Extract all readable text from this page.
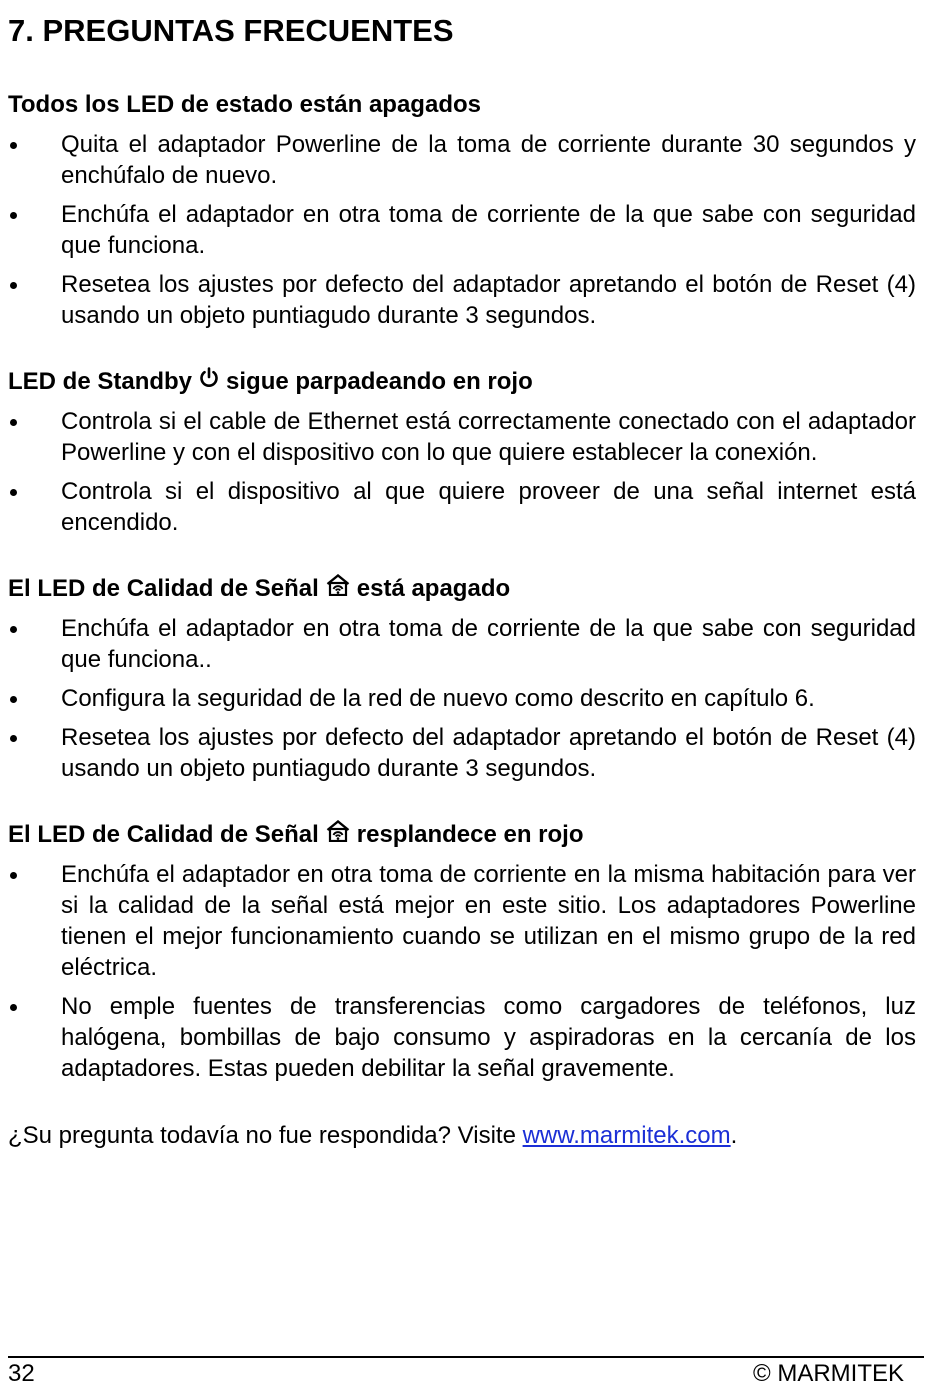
7. PREGUNTAS FRECUENTES
Todos los LED de estado están apagados
Quita el adaptador Powerline de la toma de corriente durante 30 segundos y enchúfalo de nuevo.
Enchúfa el adaptador en otra toma de corriente de la que sabe con seguridad que funciona.
Resetea los ajustes por defecto del adaptador apretando el botón de Reset (4) usando un objeto puntiagudo durante 3 segundos.
LED de Standby sigue parpadeando en rojo
Controla si el cable de Ethernet está correctamente conectado con el adaptador Powerline y con el dispositivo con lo que quiere establecer la conexión.
Controla si el dispositivo al que quiere proveer de una señal internet está encendido.
El LED de Calidad de Señal está apagado
Enchúfa el adaptador en otra toma de corriente de la que sabe con seguridad que funciona..
Configura la seguridad de la red de nuevo como descrito en capítulo 6.
Resetea los ajustes por defecto del adaptador apretando el botón de Reset (4) usando un objeto puntiagudo durante 3 segundos.
El LED de Calidad de Señal resplandece en rojo
Enchúfa el adaptador en otra toma de corriente en la misma habitación para ver si la calidad de la señal está mejor en este sitio. Los adaptadores Powerline tienen el mejor funcionamiento cuando se utilizan en el mismo grupo de la red eléctrica.
No emple fuentes de transferencias como cargadores de teléfonos, luz halógena, bombillas de bajo consumo y aspiradoras en la cercanía de los adaptadores. Estas pueden debilitar la señal gravemente.
¿Su pregunta todavía no fue respondida? Visite www.marmitek.com.
32	© MARMITEK
